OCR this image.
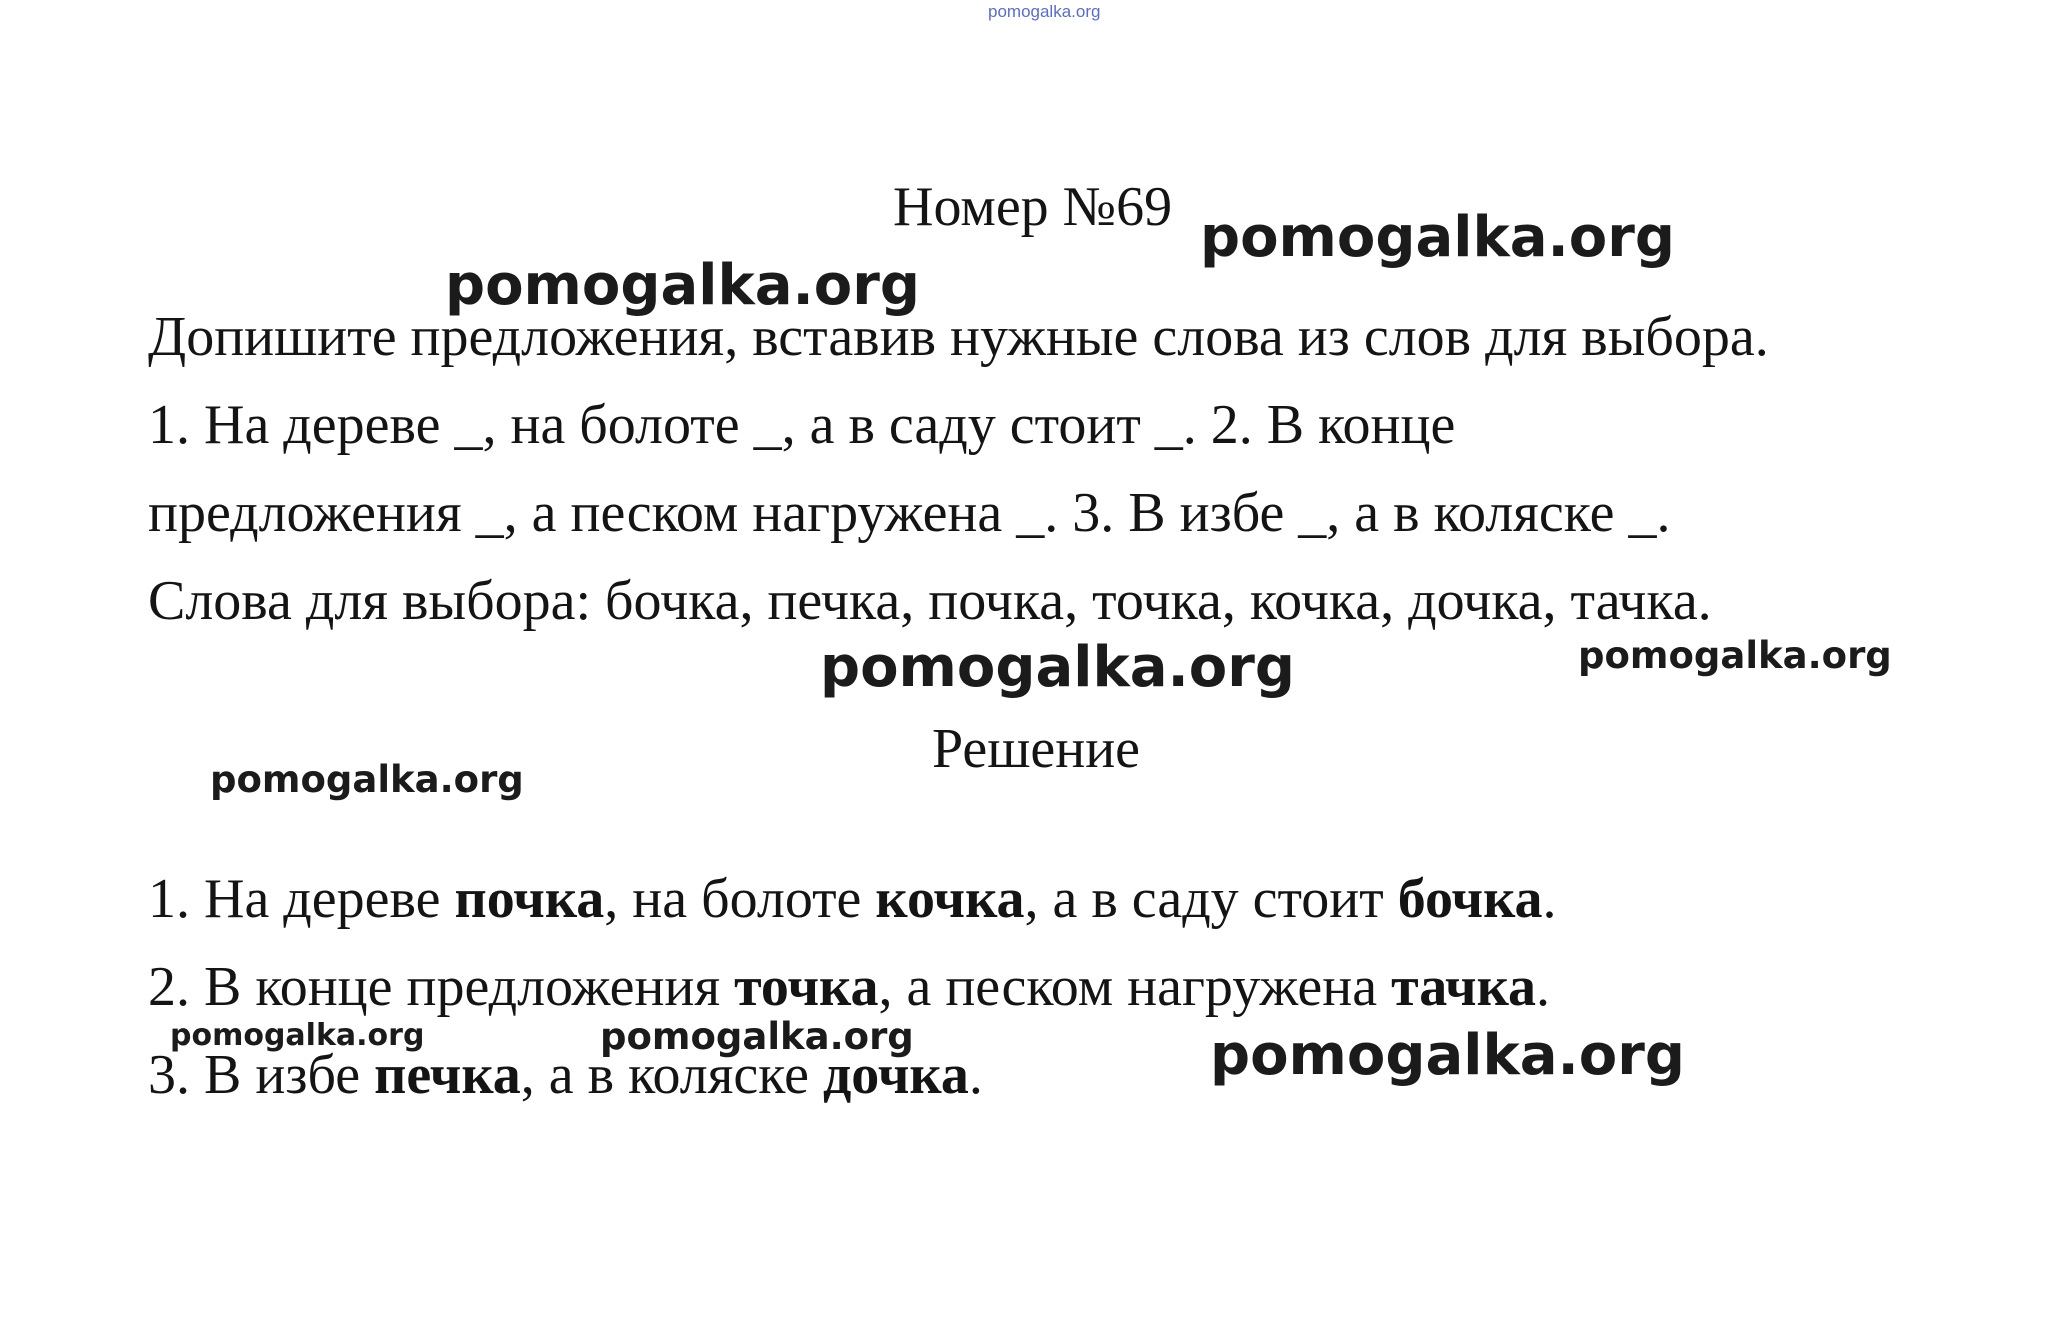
pomogalka.org
Номер №69
Допишите предложения, вставив нужные слова из слов для выбора.
1. На дереве _, на болоте _, а в саду стоит _. 2. В конце
предложения _, а песком нагружена _. 3. В избе _, а в коляске _.
Слова для выбора: бочка, печка, почка, точка, кочка, дочка, тачка.
Решение
1. На дереве почка, на болоте кочка, а в саду стоит бочка.
2. В конце предложения точка, а песком нагружена тачка.
3. В избе печка, а в коляске дочка.
pomogalka.org
pomogalka.org
pomogalka.org	pomogalka.org
pomogalka.org
pomogalka.org	pomogalka.org	pomogalka.org
